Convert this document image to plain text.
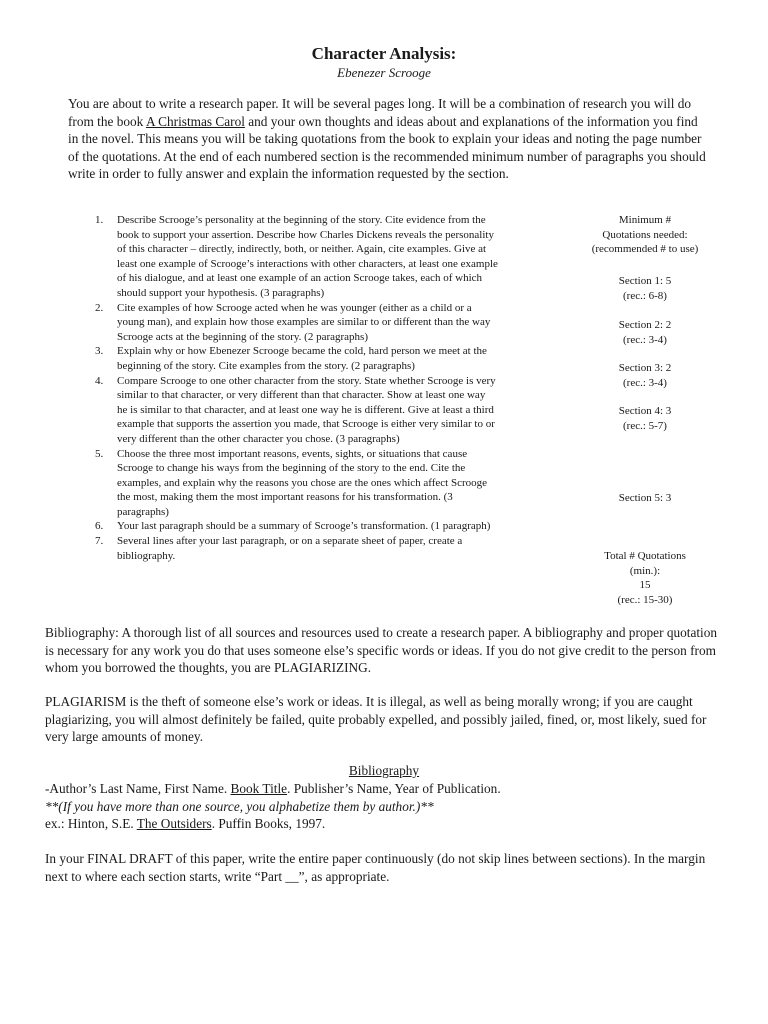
Character Analysis:
Ebenezer Scrooge
You are about to write a research paper. It will be several pages long. It will be a combination of research you will do from the book A Christmas Carol and your own thoughts and ideas about and explanations of the information you find in the novel. This means you will be taking quotations from the book to explain your ideas and noting the page number of the quotations. At the end of each numbered section is the recommended minimum number of paragraphs you should write in order to fully answer and explain the information requested by the section.
1. Describe Scrooge’s personality at the beginning of the story. Cite evidence from the book to support your assertion. Describe how Charles Dickens reveals the personality of this character – directly, indirectly, both, or neither. Again, cite examples. Give at least one example of Scrooge’s interactions with other characters, at least one example of his dialogue, and at least one example of an action Scrooge takes, each of which should support your hypothesis. (3 paragraphs)
2. Cite examples of how Scrooge acted when he was younger (either as a child or a young man), and explain how those examples are similar to or different than the way Scrooge acts at the beginning of the story. (2 paragraphs)
3. Explain why or how Ebenezer Scrooge became the cold, hard person we meet at the beginning of the story. Cite examples from the story. (2 paragraphs)
4. Compare Scrooge to one other character from the story. State whether Scrooge is very similar to that character, or very different than that character. Show at least one way he is similar to that character, and at least one way he is different. Give at least a third example that supports the assertion you made, that Scrooge is either very similar to or very different than the other character you chose. (3 paragraphs)
5. Choose the three most important reasons, events, sights, or situations that cause Scrooge to change his ways from the beginning of the story to the end. Cite the examples, and explain why the reasons you chose are the ones which affect Scrooge the most, making them the most important reasons for his transformation. (3 paragraphs)
6. Your last paragraph should be a summary of Scrooge’s transformation. (1 paragraph)
7. Several lines after your last paragraph, or on a separate sheet of paper, create a bibliography.
Minimum #
Quotations needed:
(recommended # to use)
Section 1: 5
(rec.: 6-8)
Section 2: 2
(rec.: 3-4)
Section 3: 2
(rec.: 3-4)
Section 4: 3
(rec.: 5-7)
Section 5: 3
Total # Quotations
(min.):
15
(rec.: 15-30)
Bibliography: A thorough list of all sources and resources used to create a research paper. A bibliography and proper quotation is necessary for any work you do that uses someone else’s specific words or ideas. If you do not give credit to the person from whom you borrowed the thoughts, you are PLAGIARIZING.
PLAGIARISM is the theft of someone else’s work or ideas. It is illegal, as well as being morally wrong; if you are caught plagiarizing, you will almost definitely be failed, quite probably expelled, and possibly jailed, fined, or, most likely, sued for very large amounts of money.
Bibliography
-Author’s Last Name, First Name. Book Title. Publisher’s Name, Year of Publication.
**(If you have more than one source, you alphabetize them by author.)**
ex.: Hinton, S.E. The Outsiders. Puffin Books, 1997.
In your FINAL DRAFT of this paper, write the entire paper continuously (do not skip lines between sections). In the margin next to where each section starts, write “Part __”, as appropriate.
